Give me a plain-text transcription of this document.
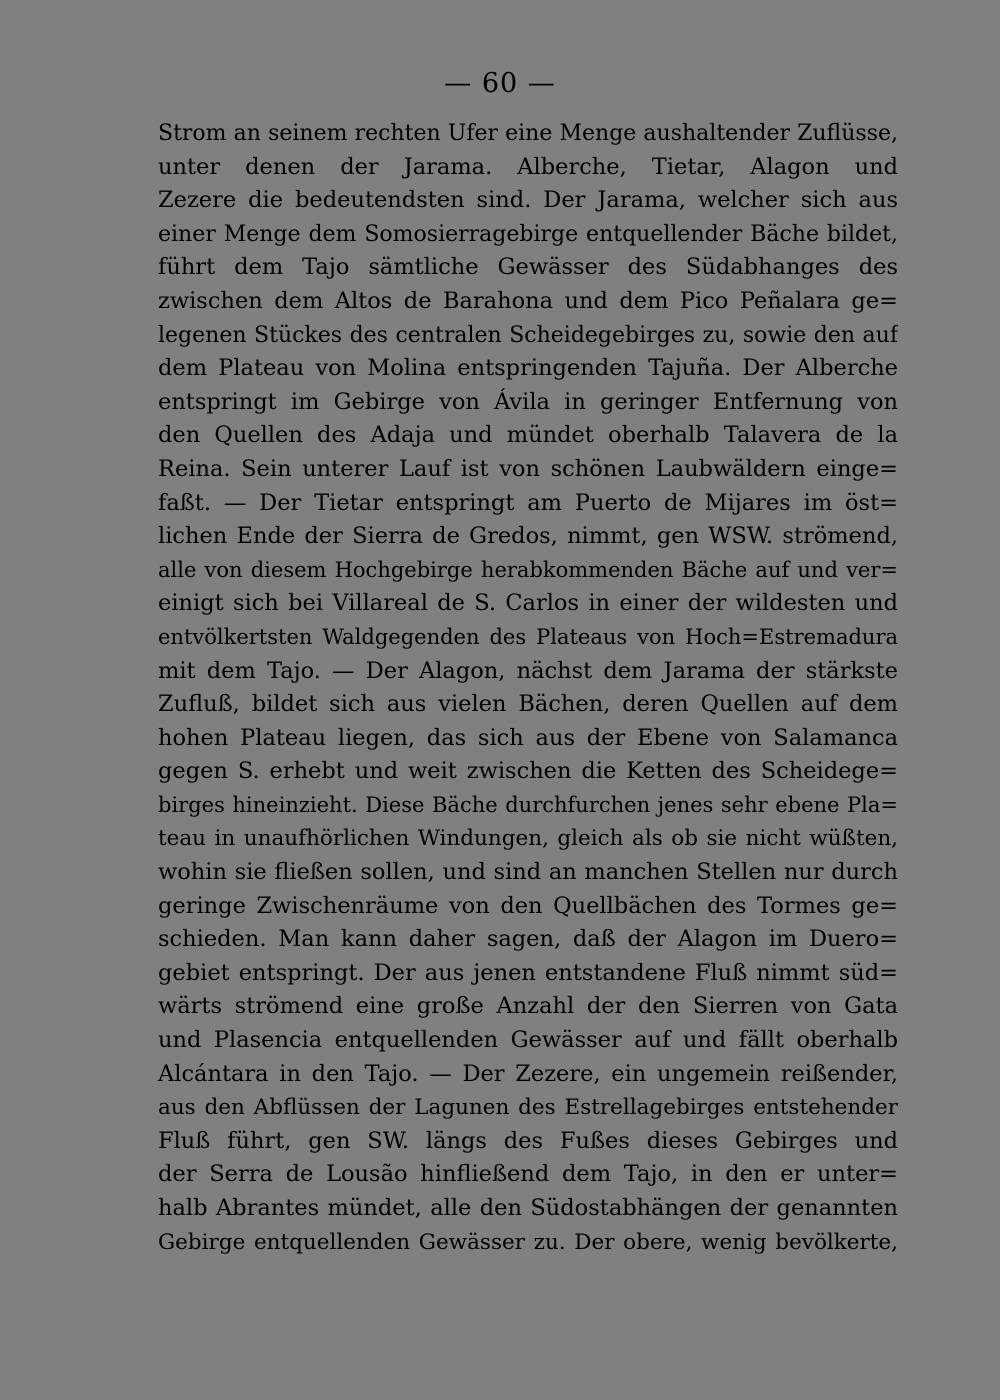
— 60 —
Strom an seinem rechten Ufer eine Menge aushaltender Zuflüsse,
unter denen der Jarama. Alberche, Tietar, Alagon und
Zezere die bedeutendsten sind. Der Jarama, welcher sich aus
einer Menge dem Somosierragebirge entquellender Bäche bildet,
führt dem Tajo sämtliche Gewässer des Südabhanges des
zwischen dem Altos de Barahona und dem Pico Peñalara ge=
legenen Stückes des centralen Scheidegebirges zu, sowie den auf
dem Plateau von Molina entspringenden Tajuña. Der Alberche
entspringt im Gebirge von Ávila in geringer Entfernung von
den Quellen des Adaja und mündet oberhalb Talavera de la
Reina. Sein unterer Lauf ist von schönen Laubwäldern einge=
faßt. — Der Tietar entspringt am Puerto de Mijares im öst=
lichen Ende der Sierra de Gredos, nimmt, gen WSW. strömend,
alle von diesem Hochgebirge herabkommenden Bäche auf und ver=
einigt sich bei Villareal de S. Carlos in einer der wildesten und
entvölkertsten Waldgegenden des Plateaus von Hoch=Estremadura
mit dem Tajo. — Der Alagon, nächst dem Jarama der stärkste
Zufluß, bildet sich aus vielen Bächen, deren Quellen auf dem
hohen Plateau liegen, das sich aus der Ebene von Salamanca
gegen S. erhebt und weit zwischen die Ketten des Scheidege=
birges hineinzieht. Diese Bäche durchfurchen jenes sehr ebene Pla=
teau in unaufhörlichen Windungen, gleich als ob sie nicht wüßten,
wohin sie fließen sollen, und sind an manchen Stellen nur durch
geringe Zwischenräume von den Quellbächen des Tormes ge=
schieden. Man kann daher sagen, daß der Alagon im Duero=
gebiet entspringt. Der aus jenen entstandene Fluß nimmt süd=
wärts strömend eine große Anzahl der den Sierren von Gata
und Plasencia entquellenden Gewässer auf und fällt oberhalb
Alcántara in den Tajo. — Der Zezere, ein ungemein reißender,
aus den Abflüssen der Lagunen des Estrellagebirges entstehender
Fluß führt, gen SW. längs des Fußes dieses Gebirges und
der Serra de Lousão hinfließend dem Tajo, in den er unter=
halb Abrantes mündet, alle den Südostabhängen der genannten
Gebirge entquellenden Gewässer zu. Der obere, wenig bevölkerte,
